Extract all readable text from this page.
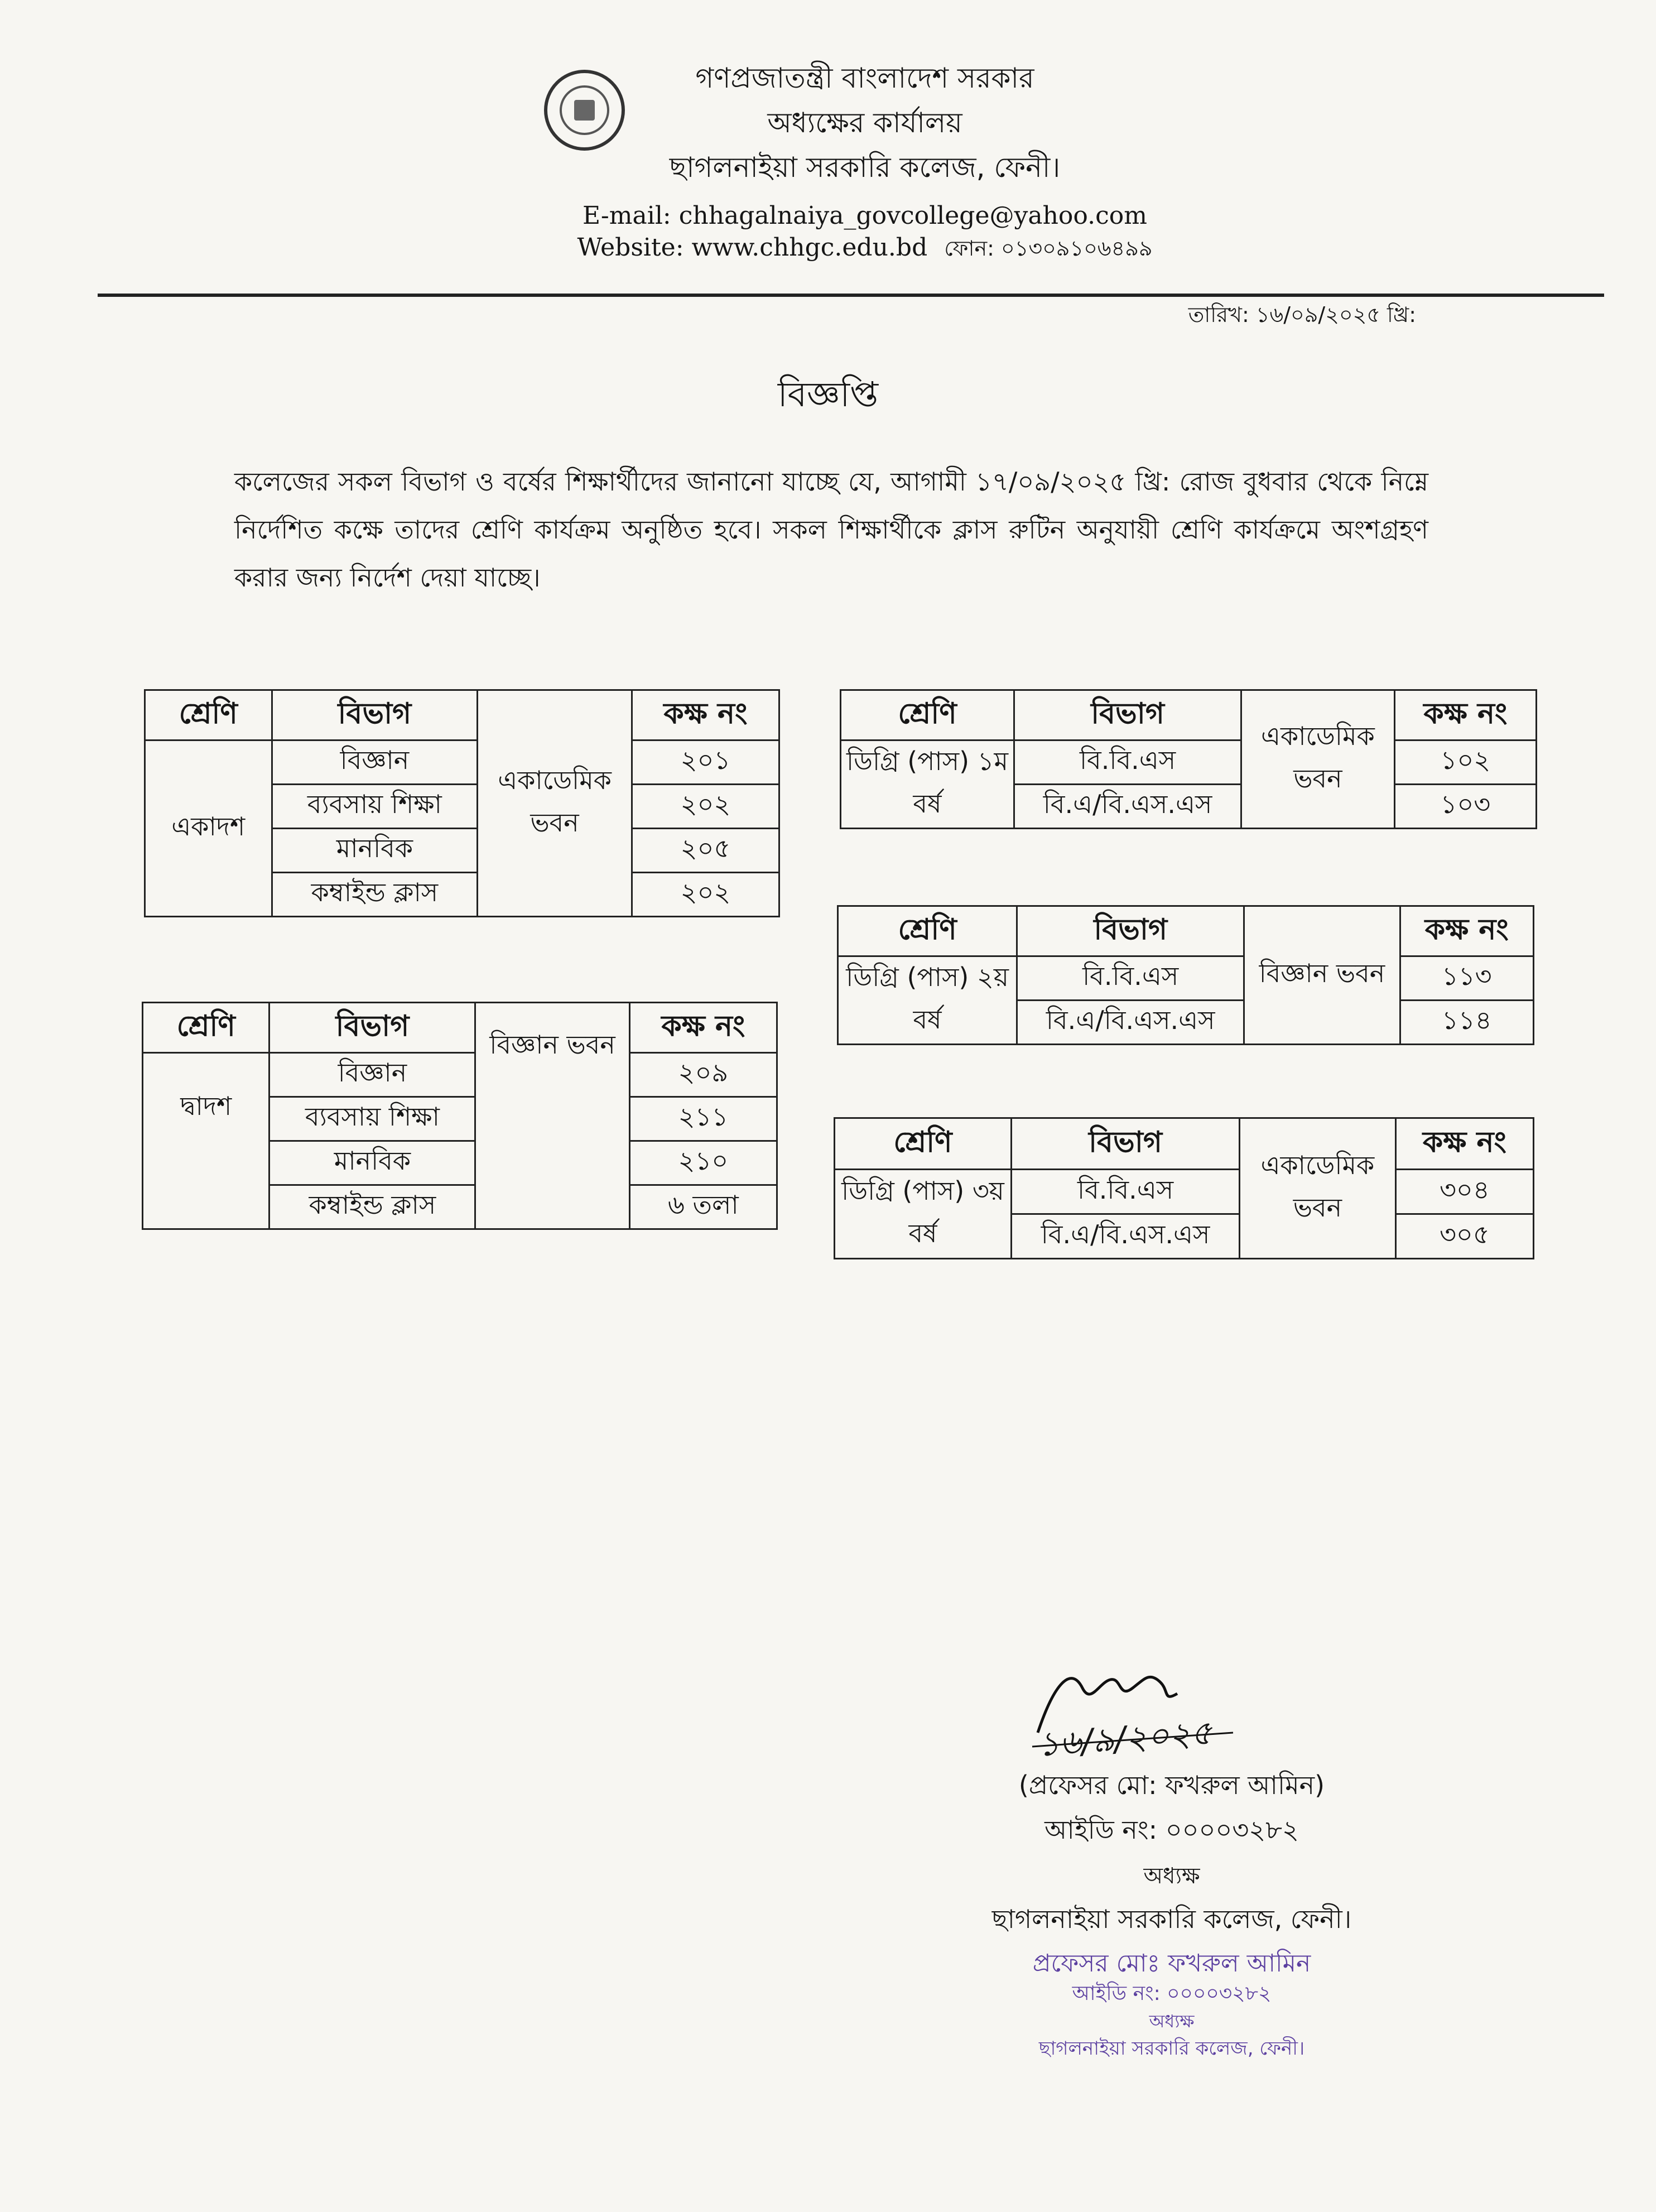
গণপ্রজাতন্ত্রী বাংলাদেশ সরকার
অধ্যক্ষের কার্যালয়
ছাগলনাইয়া সরকারি কলেজ, ফেনী।
E-mail: chhagalnaiya_govcollege@yahoo.com
Website: www.chhgc.edu.bd ফোন: ০১৩০৯১০৬৪৯৯
তারিখ: ১৬/০৯/২০২৫ খ্রি:
বিজ্ঞপ্তি
কলেজের সকল বিভাগ ও বর্ষের শিক্ষার্থীদের জানানো যাচ্ছে যে, আগামী ১৭/০৯/২০২৫ খ্রি: রোজ বুধবার থেকে নিম্নে নির্দেশিত কক্ষে তাদের শ্রেণি কার্যক্রম অনুষ্ঠিত হবে। সকল শিক্ষার্থীকে ক্লাস রুটিন অনুযায়ী শ্রেণি কার্যক্রমে অংশগ্রহণ করার জন্য নির্দেশ দেয়া যাচ্ছে।
শ্রেণি	বিভাগ	একাডেমিক ভবন	কক্ষ নং
একাদশ	বিজ্ঞান		২০১
	ব্যবসায় শিক্ষা		২০২
	মানবিক		২০৫
	কম্বাইন্ড ক্লাস		২০২
শ্রেণি	বিভাগ	বিজ্ঞান ভবন	কক্ষ নং
দ্বাদশ	বিজ্ঞান		২০৯
	ব্যবসায় শিক্ষা		২১১
	মানবিক		২১০
	কম্বাইন্ড ক্লাস		৬ তলা
শ্রেণি	বিভাগ	একাডেমিক ভবন	কক্ষ নং
ডিগ্রি (পাস) ১ম বর্ষ	বি.বি.এস		১০২
	বি.এ/বি.এস.এস		১০৩
শ্রেণি	বিভাগ	বিজ্ঞান ভবন	কক্ষ নং
ডিগ্রি (পাস) ২য় বর্ষ	বি.বি.এস		১১৩
	বি.এ/বি.এস.এস		১১৪
শ্রেণি	বিভাগ	একাডেমিক ভবন	কক্ষ নং
ডিগ্রি (পাস) ৩য় বর্ষ	বি.বি.এস		৩০৪
	বি.এ/বি.এস.এস		৩০৫
১৬/৯/২০২৫
(প্রফেসর মো: ফখরুল আমিন)
আইডি নং: ০০০০৩২৮২
অধ্যক্ষ
ছাগলনাইয়া সরকারি কলেজ, ফেনী।
প্রফেসর মোঃ ফখরুল আমিন
আইডি নং: ০০০০৩২৮২
অধ্যক্ষ
ছাগলনাইয়া সরকারি কলেজ, ফেনী।
